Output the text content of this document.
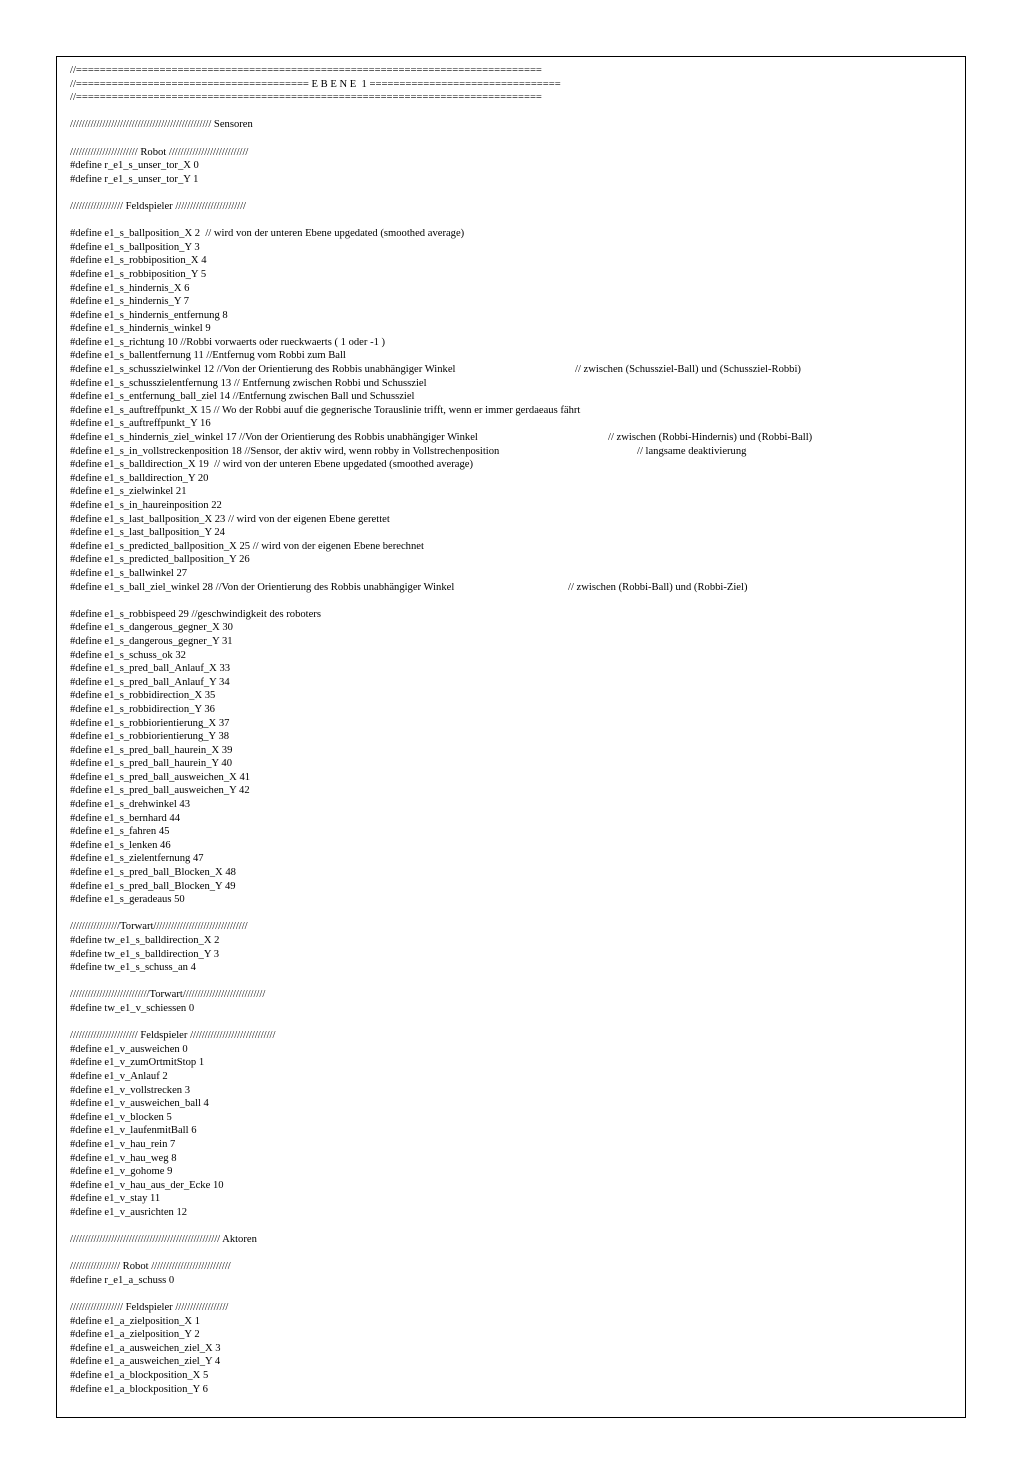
//==============================================================================
//======================================= E B E N E  1 ================================
//==============================================================================
//////////////////////////////////////////////// Sensoren
/////////////////////// Robot ///////////////////////////
#define r_e1_s_unser_tor_X 0
#define r_e1_s_unser_tor_Y 1
////////////////// Feldspieler ////////////////////////
#define e1_s_ballposition_X 2  // wird von der unteren Ebene upgedated (smoothed average)
#define e1_s_ballposition_Y 3
#define e1_s_robbiposition_X 4
#define e1_s_robbiposition_Y 5
#define e1_s_hindernis_X 6
#define e1_s_hindernis_Y 7
#define e1_s_hindernis_entfernung 8
#define e1_s_hindernis_winkel 9
#define e1_s_richtung 10 //Robbi vorwaerts oder rueckwaerts ( 1 oder -1 )
#define e1_s_ballentfernung 11 //Entfernug vom Robbi zum Ball
#define e1_s_schusszielwinkel 12 //Von der Orientierung des Robbis unabhängiger Winkel	// zwischen (Schussziel-Ball) und (Schussziel-Robbi)
#define e1_s_schusszielentfernung 13 // Entfernung zwischen Robbi und Schussziel
#define e1_s_entfernung_ball_ziel 14 //Entfernung zwischen Ball und Schussziel
#define e1_s_auftreffpunkt_X 15 // Wo der Robbi auuf die gegnerische Torauslinie trifft, wenn er immer gerdaeaus fährt
#define e1_s_auftreffpunkt_Y 16
#define e1_s_hindernis_ziel_winkel 17 //Von der Orientierung des Robbis unabhängiger Winkel	// zwischen (Robbi-Hindernis) und (Robbi-Ball)
#define e1_s_in_vollstreckenposition 18 //Sensor, der aktiv wird, wenn robby in Vollstrechenposition	// langsame deaktivierung
#define e1_s_balldirection_X 19  // wird von der unteren Ebene upgedated (smoothed average)
#define e1_s_balldirection_Y 20
#define e1_s_zielwinkel 21
#define e1_s_in_haureinposition 22
#define e1_s_last_ballposition_X 23 // wird von der eigenen Ebene gerettet
#define e1_s_last_ballposition_Y 24
#define e1_s_predicted_ballposition_X 25 // wird von der eigenen Ebene berechnet
#define e1_s_predicted_ballposition_Y 26
#define e1_s_ballwinkel 27
#define e1_s_ball_ziel_winkel 28 //Von der Orientierung des Robbis unabhängiger Winkel	// zwischen (Robbi-Ball) und (Robbi-Ziel)
#define e1_s_robbispeed 29 //geschwindigkeit des roboters
#define e1_s_dangerous_gegner_X 30
#define e1_s_dangerous_gegner_Y 31
#define e1_s_schuss_ok 32
#define e1_s_pred_ball_Anlauf_X 33
#define e1_s_pred_ball_Anlauf_Y 34
#define e1_s_robbidirection_X 35
#define e1_s_robbidirection_Y 36
#define e1_s_robbiorientierung_X 37
#define e1_s_robbiorientierung_Y 38
#define e1_s_pred_ball_haurein_X 39
#define e1_s_pred_ball_haurein_Y 40
#define e1_s_pred_ball_ausweichen_X 41
#define e1_s_pred_ball_ausweichen_Y 42
#define e1_s_drehwinkel 43
#define e1_s_bernhard 44
#define e1_s_fahren 45
#define e1_s_lenken 46
#define e1_s_zielentfernung 47
#define e1_s_pred_ball_Blocken_X 48
#define e1_s_pred_ball_Blocken_Y 49
#define e1_s_geradeaus 50
/////////////////Torwart////////////////////////////////
#define tw_e1_s_balldirection_X 2
#define tw_e1_s_balldirection_Y 3
#define tw_e1_s_schuss_an 4
///////////////////////////Torwart////////////////////////////
#define tw_e1_v_schiessen 0
/////////////////////// Feldspieler /////////////////////////////
#define e1_v_ausweichen 0
#define e1_v_zumOrtmitStop 1
#define e1_v_Anlauf 2
#define e1_v_vollstrecken 3
#define e1_v_ausweichen_ball 4
#define e1_v_blocken 5
#define e1_v_laufenmitBall 6
#define e1_v_hau_rein 7
#define e1_v_hau_weg 8
#define e1_v_gohome 9
#define e1_v_hau_aus_der_Ecke 10
#define e1_v_stay 11
#define e1_v_ausrichten 12
/////////////////////////////////////////////////// Aktoren
///////////////// Robot ///////////////////////////
#define r_e1_a_schuss 0
////////////////// Feldspieler //////////////////
#define e1_a_zielposition_X 1
#define e1_a_zielposition_Y 2
#define e1_a_ausweichen_ziel_X 3
#define e1_a_ausweichen_ziel_Y 4
#define e1_a_blockposition_X 5
#define e1_a_blockposition_Y 6
